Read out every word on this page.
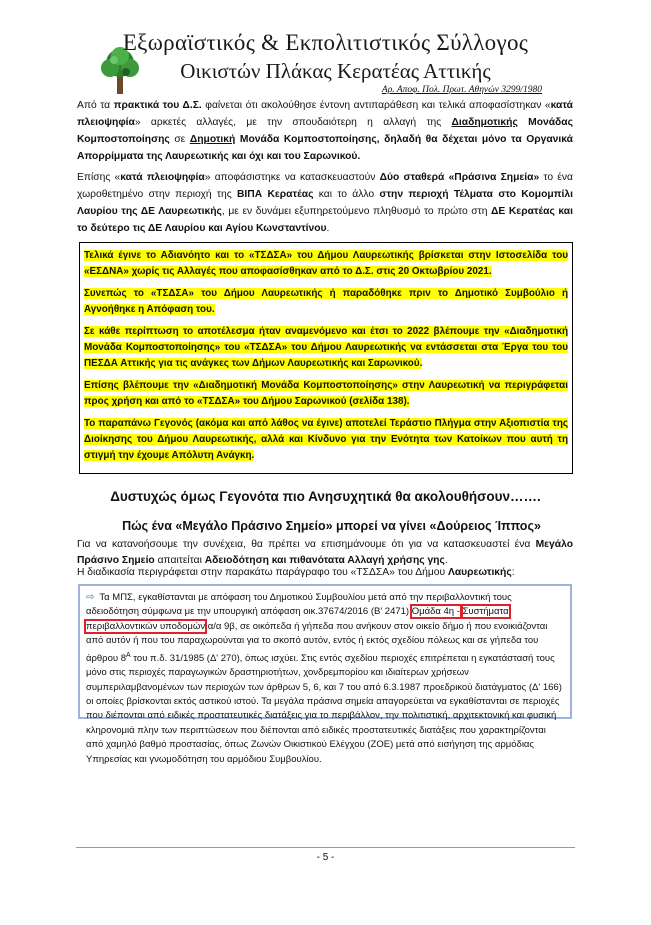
Εξωραϊστικός & Εκπολιτιστικός Σύλλογος
Οικιστών Πλάκας Κερατέας Αττικής
Αρ. Αποφ. Πολ. Πρωτ. Αθηνών 3299/1980

Από τα πρακτικά του Δ.Σ. φαίνεται ότι ακολούθησε έντονη αντιπαράθεση και τελικά αποφασίστηκαν «κατά πλειοψηφία» αρκετές αλλαγές, με την σπουδαιότερη η αλλαγή της Διαδημοτικής Μονάδας Κομποστοποίησης σε Δημοτική Μονάδα Κομποστοποίησης, δηλαδή θα δέχεται μόνο τα Οργανικά Απορρίμματα της Λαυρεωτικής και όχι και του Σαρωνικού.

Επίσης «κατά πλειοψηφία» αποφάσιστηκε να κατασκευαστούν Δύο σταθερά «Πράσινα Σημεία» το ένα χωροθετημένο στην περιοχή της ΒΙΠΑ Κερατέας και το άλλο στην περιοχή Τέλματα στο Κομομπίλι Λαυρίου της ΔΕ Λαυρεωτικής, με εν δυνάμει εξυπηρετούμενο πληθυσμό το πρώτο στη ΔΕ Κερατέας και το δεύτερο τις ΔΕ Λαυρίου και Αγίου Κωνσταντίνου.

Τελικά έγινε το Αδιανόητο και το «ΤΣΔΣΑ» του Δήμου Λαυρεωτικής βρίσκεται στην Ιστοσελίδα του «ΕΣΔΝΑ» χωρίς τις Αλλαγές που αποφασίσθηκαν από το Δ.Σ. στις 20 Οκτωβρίου 2021.

Συνεπώς το «ΤΣΔΣΑ» του Δήμου Λαυρεωτικής ή παραδόθηκε πριν το Δημοτικό Συμβούλιο ή Αγνοήθηκε η Απόφαση του.

Σε κάθε περίπτωση το αποτέλεσμα ήταν αναμενόμενο και έτσι το 2022 βλέπουμε την «Διαδημοτική Μονάδα Κομποστοποίησης» του «ΤΣΔΣΑ» του Δήμου Λαυρεωτικής να εντάσσεται στα Έργα του του ΠΕΣΔΑ Αττικής για τις ανάγκες των Δήμων Λαυρεωτικής και Σαρωνικού.

Επίσης βλέπουμε την «Διαδημοτική Μονάδα Κομποστοποίησης» στην Λαυρεωτική να περιγράφεται προς χρήση και από το «ΤΣΔΣΑ» του Δήμου Σαρωνικού (σελίδα 138).

Το παραπάνω Γεγονός (ακόμα και από λάθος να έγινε) αποτελεί Τεράστιο Πλήγμα στην Αξιοπιστία της Διοίκησης του Δήμου Λαυρεωτικής, αλλά και Κίνδυνο για την Ενότητα των Κατοίκων που αυτή τη στιγμή την έχουμε Απόλυτη Ανάγκη.

Δυστυχώς όμως Γεγονότα πιο Ανησυχητικά θα ακολουθήσουν…….
Πώς ένα «Μεγάλο Πράσινο Σημείο» μπορεί να γίνει «Δούρειος Ίππος»

Για να κατανοήσουμε την συνέχεια, θα πρέπει να επισημάνουμε ότι για να κατασκευαστεί ένα Μεγάλο Πράσινο Σημείο απαιτείται Αδειοδότηση και πιθανότατα Αλλαγή χρήσης γης.

Η διαδικασία περιγράφεται στην παρακάτω παράγραφο του «ΤΣΔΣΑ» του Δήμου Λαυρεωτικής:

⇨ Τα ΜΠΣ, εγκαθίστανται με απόφαση του Δημοτικού Συμβουλίου μετά από την περιβαλλοντική τους αδειοδότηση σύμφωνα με την υπουργική απόφαση οικ.37674/2016 (Β' 2471) Ομάδα 4η - Συστήματα περιβαλλοντικών υποδομών α/α 9β, σε οικόπεδα ή γήπεδα που ανήκουν στον οικείο δήμο ή που ενοικιάζονται από αυτόν ή που του παραχωρούνται για το σκοπό αυτόν, εντός ή εκτός σχεδίου πόλεως και σε γήπεδα του άρθρου $8^A$ του π.δ. 31/1985 (Δ' 270), όπως ισχύει. Στις εντός σχεδίου περιοχές επιτρέπεται η εγκατάστασή τους μόνο στις περιοχές παραγωγικών δραστηριοτήτων, χονδρεμπορίου και ιδιαίτερων χρήσεων συμπεριλαμβανομένων των περιοχών των άρθρων 5, 6, και 7 του από 6.3.1987 προεδρικού διατάγματος (Δ' 166) οι οποίες βρίσκονται εκτός αστικού ιστού. Τα μεγάλα πράσινα σημεία απαγορεύεται να εγκαθίστανται σε περιοχές που διέπονται από ειδικές προστατευτικές διατάξεις για το περιβάλλον, την πολιτιστική, αρχιτεκτονική και φυσική κληρονομιά πλην των περιπτώσεων που διέπονται από ειδικές προστατευτικές διατάξεις που χαρακτηρίζονται από χαμηλό βαθμό προστασίας, όπως Ζωνών Οικιστικού Ελέγχου (ΖΟΕ) μετά από εισήγηση της αρμόδιας Υπηρεσίας και γνωμοδότηση του αρμόδιου Συμβουλίου.
- 5 -
